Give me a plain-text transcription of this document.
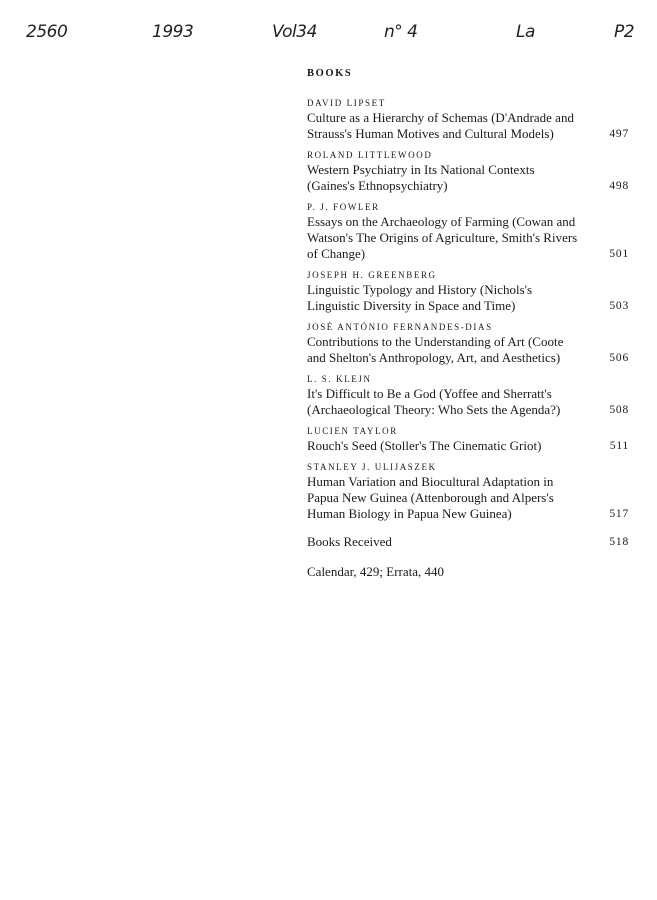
2560	1993	Vol34	n° 4	La	P2
BOOKS
DAVID LIPSET
Culture as a Hierarchy of Schemas (D'Andrade and Strauss's Human Motives and Cultural Models)	497
ROLAND LITTLEWOOD
Western Psychiatry in Its National Contexts (Gaines's Ethnopsychiatry)	498
P. J. FOWLER
Essays on the Archaeology of Farming (Cowan and Watson's The Origins of Agriculture, Smith's Rivers of Change)	501
JOSEPH H. GREENBERG
Linguistic Typology and History (Nichols's Linguistic Diversity in Space and Time)	503
JOSÉ ANTÓNIO FERNANDES-DIAS
Contributions to the Understanding of Art (Coote and Shelton's Anthropology, Art, and Aesthetics)	506
L. S. KLEJN
It's Difficult to Be a God (Yoffee and Sherratt's (Archaeological Theory: Who Sets the Agenda?)	508
LUCIEN TAYLOR
Rouch's Seed (Stoller's The Cinematic Griot)	511
STANLEY J. ULIJASZEK
Human Variation and Biocultural Adaptation in Papua New Guinea (Attenborough and Alpers's Human Biology in Papua New Guinea)	517
Books Received	518
Calendar, 429; Errata, 440
